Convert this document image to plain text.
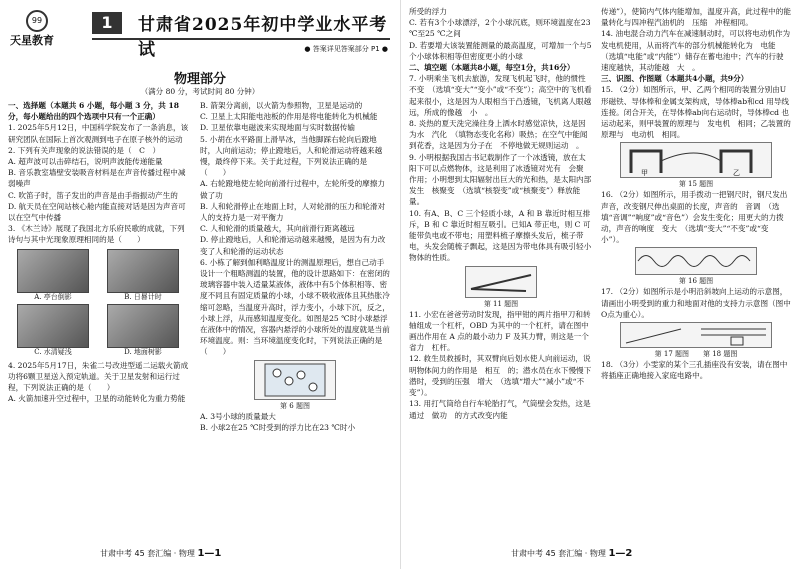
99
天星教育
1	甘肃省2025年初中学业水平考试	● 答案详见答案部分 P1 ●
物理部分
（满分 80 分，考试时间 80 分钟）

一、选择题（本题共 6 小题，每小题 3 分，共 18 分，每小题给出的四个选项中只有一个正确）

1. 2025年5月12日，中国科学院发布了一条消息，该研究团队在国际上首次观测到电子在原子核外的运动

2. 下列有关声现象的说法错误的是（　C　）

A. 超声波可以击碎结石，说明声波能传递能量

B. 音乐教室墙壁安装吸音材料是在声音传播过程中减弱噪声

C. 吹笛子时，笛子发出的声音是由手指振动产生的

D. 航天员在空间站核心舱内能直接对话是因为声音可以在空气中传播

3. 《木兰诗》展现了我国北方乐府民歌的成就，下列诗句与其中光现象原理相同的是（　　）

A. 亭台倒影	B. 日晷计时
C. 水清疑浅	D. 地面树影

4. 2025年5月17日，朱雀二号改进型遥二运载火箭成功将6颗卫星送入预定轨道。关于卫星发射和运行过程，下列说法正确的是（　　）

A. 火箭加速升空过程中，卫星的动能转化为重力势能

B. 箭架分离前，以火箭为参照物，卫星是运动的

C. 卫星上太阳能电池板的作用是将电能转化为机械能

D. 卫星依靠电磁波来实现地面与实时数据传输

5. 小胡在水平路面上滑旱冰，当他脚踩右轮向后蹬地时，人向前运动；停止蹬地后，人和轮滑运动将越来越慢，最终停下来。关于此过程，下列说法正确的是（　　）

A. 右轮蹬地使左轮向前滑行过程中，左轮所受的摩擦力做了功

B. 人和轮滑停止在地面上时，人对轮滑的压力和轮滑对人的支持力是一对平衡力

C. 人和轮滑的质量越大，其向前滑行距离越远

D. 停止蹬地后，人和轮滑运动越来越慢，是因为有力改变了人和轮滑的运动状态

6. 小栋了解到伽利略温度计的测温原理后，想自己动手设计一个粗略测温的装置，他的设计思路如下：在密闭的玻璃容器中装入适量某液体，液体中有5个体积相等、密度不同且有固定质量的小球，小球不吸收液体且其热胀冷缩可忽略，当温度升高时，浮力变小，小球下沉，反之，小球上浮，从而感知温度变化。如图是25 ℃时小球悬浮在液体中的情况，容器内悬浮的小球所处的温度就是当前环境温度。则：当环境温度变化时，下列说法正确的是（　　）

第 6 题图

A. 3号小球的质量最大

B. 小球2在25 ℃时受到的浮力比在23 ℃时小

甘肃中考 45 套汇编 · 物理 1—1

所受的浮力

C. 若有3个小球漂浮，2个小球沉底，则环境温度在23 ℃至25 ℃之间

D. 若要增大该装置能测量的最高温度，可增加一个与5个小球体积相等但密度更小的小球

二、填空题（本题共8小题，每空1分，共16分）

7. 小明乘坐飞机去旅游，发现飞机起飞时，他的惯性　不变　（选填“变大”“变小”或“不变”）；高空中的飞机看起来很小，这是因为人眼相当于凸透镜，飞机离人眼越远，所成的像越　小　。

8. 炎热的夏天洗完澡往身上洒水时感觉凉快，这是因为水　汽化　（填物态变化名称）吸热；在空气中能闻到花香，这是因为分子在　不停地做无规则运动　。

9. 小明根据我国古书记载制作了一个冰透镜，放在太阳下可以点燃物体，这是利用了冰透镜对光有　会聚　作用；小明想到太阳辐射出巨大的光和热，是太阳内部发生　核聚变　（选填“核裂变”或“核聚变”）释放能量。

10. 有A、B、C 三个轻质小球，A 和 B 靠近时相互排斥，B 和 C 靠近时相互吸引。已知A 带正电，则 C 可能带负电或不带电；用塑料梳子摩擦头发后，梳子带电，头发会随梳子飘起，这是因为带电体具有吸引轻小物体的性质。

第 11 题图

11. 小宏在爸爸劳动时发现，指甲钳的两片指甲刀和转轴组成一个杠杆，OBD 为其中的一个杠杆，请在图中画出作用在 A 点的最小动力 F 及其力臂，则这是一个　省力　杠杆。

12. 救生员救援时，其双臂向后划水使人向前运动，说明物体间力的作用是　相互　的；潜水员在水下慢慢下潜时，受到的压强　增大　（选填“增大”“减小”或“不变”）。

13. 用打气筒给自行车轮胎打气，气筒壁会发热，这是通过　做功　的方式改变内能

传递”），使简内气体内能增加，温度升高，此过程中的能量转化与四冲程汽油机的　压缩　冲程相同。

14. 油电混合动力汽车在减速制动时，可以将电动机作为发电机使用，从而将汽车的部分机械能转化为　电能　（选填“电能”或“内能”）储存在蓄电池中；汽车的行驶速度越快，其动能越　大　。

三、识图、作图题（本题共4小题，共9分）

15. （2分）如图所示，甲、乙两个相同的装置分别由U形磁铁、导体棒和金属支架构成，导体棒ab和cd 用导线连接。闭合开关，在导体棒ab向右运动时，导体棒cd 也运动起来，则甲装置的原理与　发电机　相同；乙装置的原理与　电动机　相同。

甲	乙
第 15 题图

16. （2分）如图所示，用手拨动一把钢尺时，钢尺发出声音，改变钢尺伸出桌面的长度，声音的　音调　（选填“音调”“响度”或“音色”）会发生变化；用更大的力拨动，声音的响度　变大　（选填“变大”“不变”或“变小”）。

第 16 题图

17. （2分）如图所示是小明沿斜坡向上运动的示意图，请画出小明受到的重力和地面对他的支持力示意图（图中O点为重心）。

第 17 题图　　 第 18 题图

18. （3分）小雯家的某个三孔插座没有安装，请在图中将插座正确地接入家庭电路中。

甘肃中考 45 套汇编 · 物理 1—2
